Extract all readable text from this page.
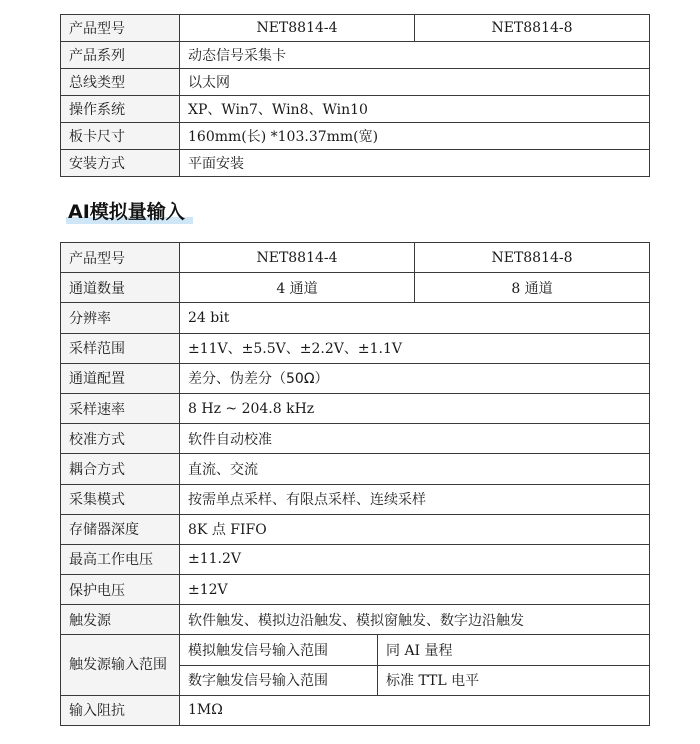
产品型号	NET8814-4	NET8814-8
产品系列	动态信号采集卡	
总线类型	以太网	
操作系统	XP、Win7、Win8、Win10	
板卡尺寸	160mm(长) *103.37mm(宽)	
安装方式	平面安装	
AI模拟量输入
产品型号	NET8814-4		NET8814-8
通道数量	4 通道		8 通道
分辨率	24 bit		
采样范围	±11V、±5.5V、±2.2V、±1.1V		
通道配置	差分、伪差分（50Ω）		
采样速率	8 Hz ~ 204.8 kHz		
校准方式	软件自动校准		
耦合方式	直流、交流		
采集模式	按需单点采样、有限点采样、连续采样		
存储器深度	8K 点 FIFO		
最高工作电压	±11.2V		
保护电压	±12V		
触发源	软件触发、模拟边沿触发、模拟窗触发、数字边沿触发		
触发源输入范围	模拟触发信号输入范围	同 AI 量程	
	数字触发信号输入范围	标准 TTL 电平	
输入阻抗	1MΩ		
